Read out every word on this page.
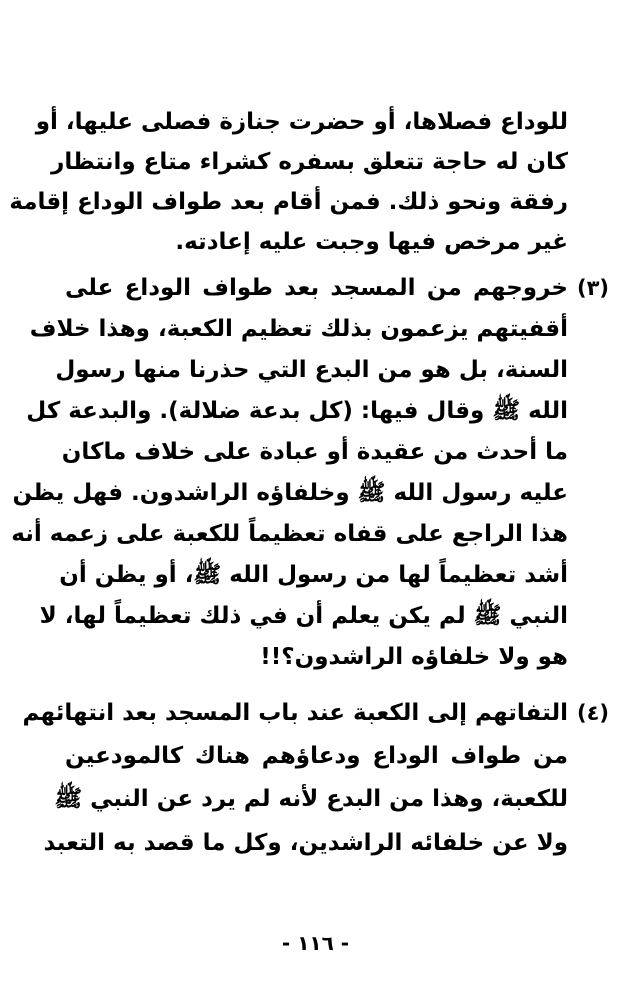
للوداع فصلاها، أو حضرت جنازة فصلى عليها، أو
كان له حاجة تتعلق بسفره كشراء متاع وانتظار
رفقة ونحو ذلك. فمن أقام بعد طواف الوداع إقامة
غير مرخص فيها وجبت عليه إعادته.
(٣)
خروجهم من المسجد بعد طواف الوداع على
أقفيتهم يزعمون بذلك تعظيم الكعبة، وهذا خلاف
السنة، بل هو من البدع التي حذرنا منها رسول
الله ﷺ وقال فيها: (كل بدعة ضلالة). والبدعة كل
ما أحدث من عقيدة أو عبادة على خلاف ماكان
عليه رسول الله ﷺ وخلفاؤه الراشدون. فهل يظن
هذا الراجع على قفاه تعظيماً للكعبة على زعمه أنه
أشد تعظيماً لها من رسول الله ﷺ، أو يظن أن
النبي ﷺ لم يكن يعلم أن في ذلك تعظيماً لها، لا
هو ولا خلفاؤه الراشدون؟!!
(٤)
التفاتهم إلى الكعبة عند باب المسجد بعد انتهائهم
من طواف الوداع ودعاؤهم هناك كالمودعين
للكعبة، وهذا من البدع لأنه لم يرد عن النبي ﷺ
ولا عن خلفائه الراشدين، وكل ما قصد به التعبد
- ١١٦ -
